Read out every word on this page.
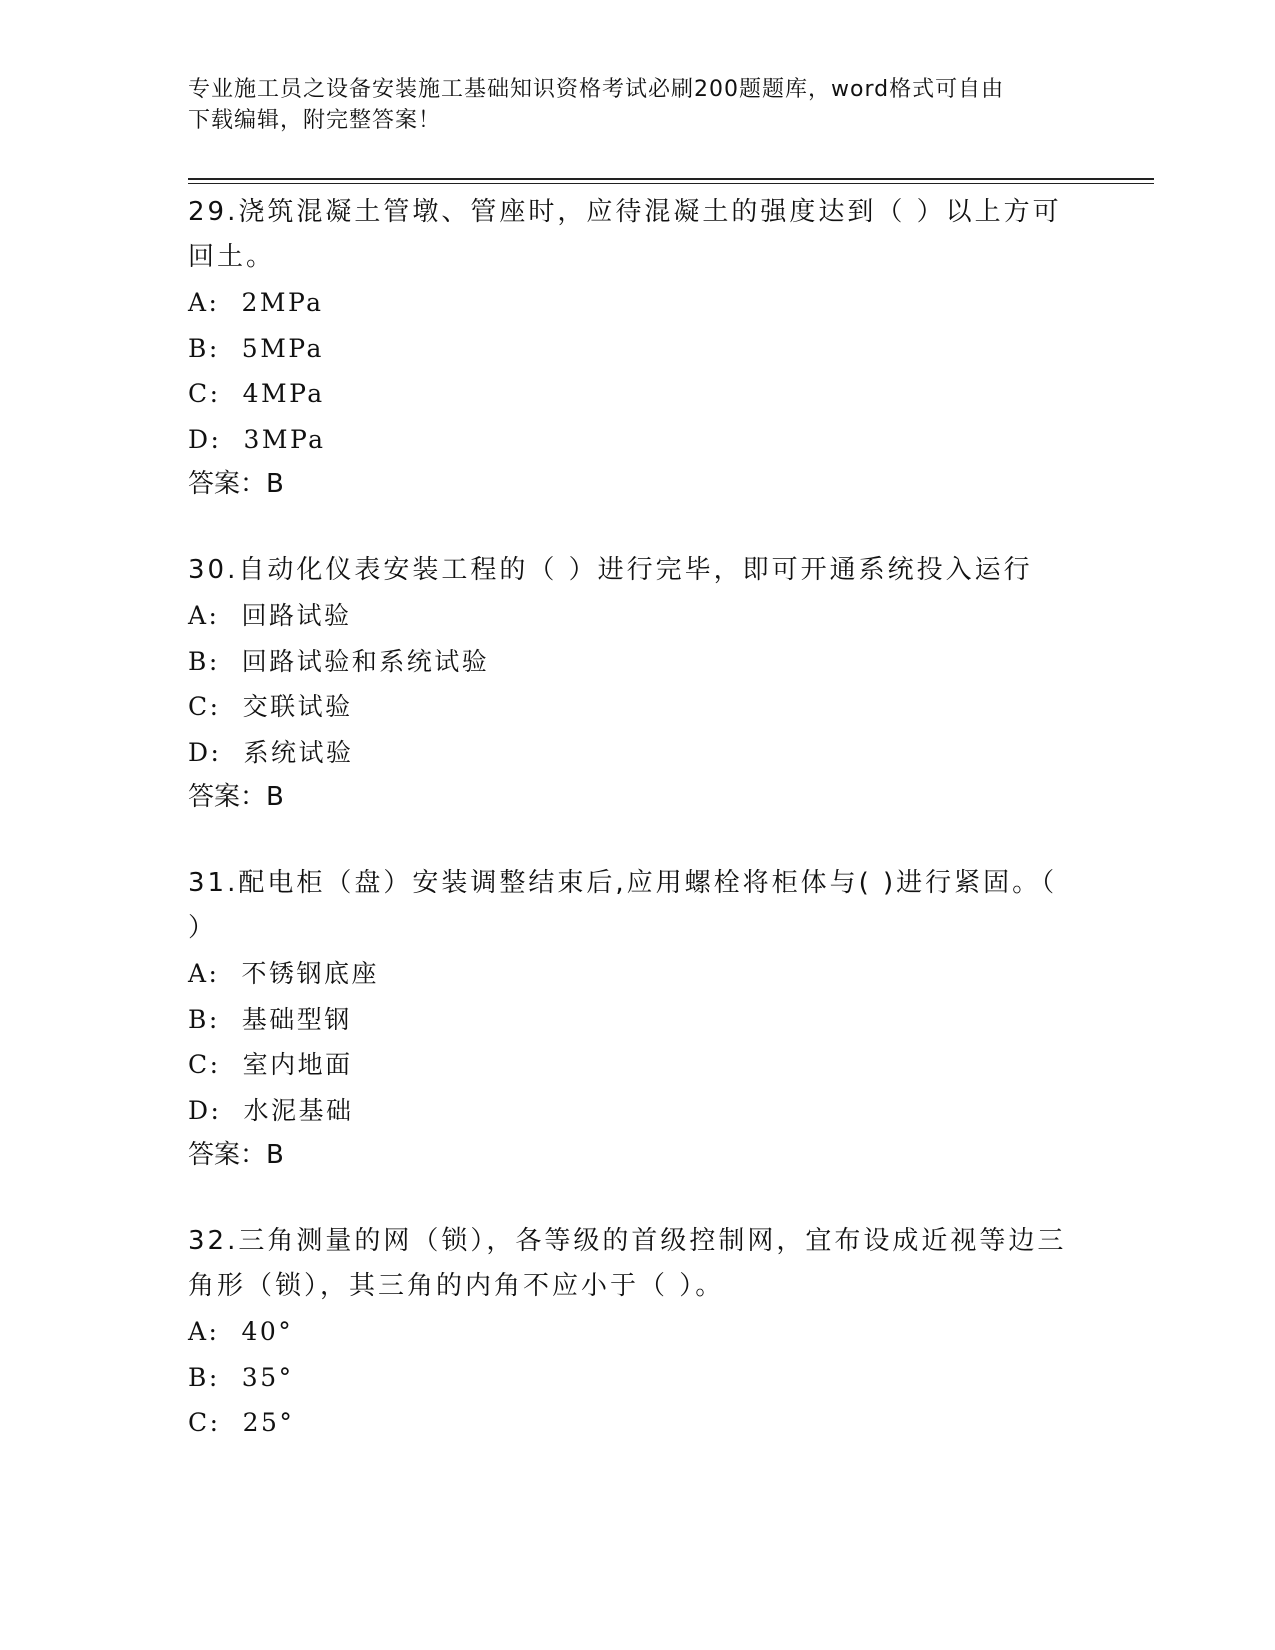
专业施工员之设备安装施工基础知识资格考试必刷200题题库，word格式可自由
下载编辑，附完整答案！
29.浇筑混凝土管墩、管座时，应待混凝土的强度达到（ ）以上方可回土。
A: 2MPa
B: 5MPa
C: 4MPa
D: 3MPa
答案：B
30.自动化仪表安装工程的（ ）进行完毕，即可开通系统投入运行
A: 回路试验
B: 回路试验和系统试验
C: 交联试验
D: 系统试验
答案：B
31.配电柜（盘）安装调整结束后,应用螺栓将柜体与( )进行紧固。（ ）
A: 不锈钢底座
B: 基础型钢
C: 室内地面
D: 水泥基础
答案：B
32.三角测量的网（锁），各等级的首级控制网，宜布设成近视等边三角形（锁），其三角的内角不应小于（ ）。
A: 40°
B: 35°
C: 25°
